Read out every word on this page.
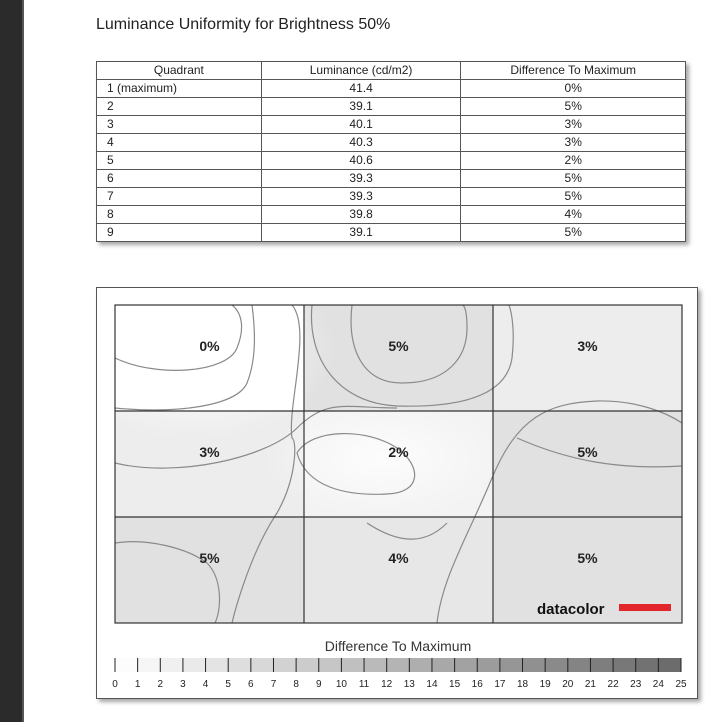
Luminance Uniformity for Brightness 50%
Quadrant	Luminance (cd/m2)	Difference To Maximum
1 (maximum)	41.4	0%
2	39.1	5%
3	40.1	3%
4	40.3	3%
5	40.6	2%
6	39.3	5%
7	39.3	5%
8	39.8	4%
9	39.1	5%
0%	5%	3%
3%	2%	5%
5%	4%	5%
datacolor
Difference To Maximum
0 1 2 3 4 5 6 7 8 9 10 11 12 13 14 15 16 17 18 19 20 21 22 23 24 25
